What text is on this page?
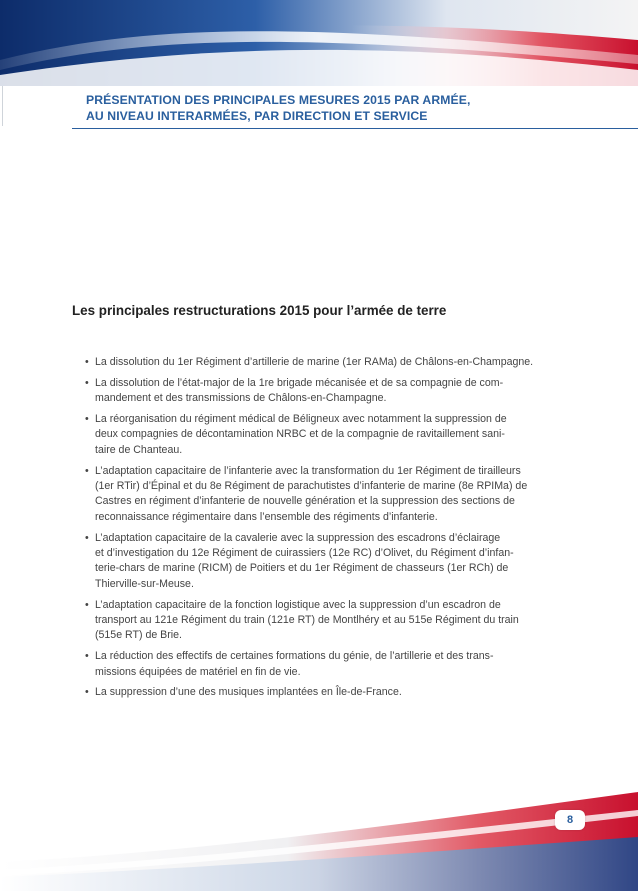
PRÉSENTATION DES PRINCIPALES MESURES 2015 PAR ARMÉE,
AU NIVEAU INTERARMÉES, PAR DIRECTION ET SERVICE
Les principales restructurations 2015 pour l’armée de terre
• La dissolution du 1er Régiment d’artillerie de marine (1er RAMa) de Châlons-en-Champagne.
• La dissolution de l’état-major de la 1re brigade mécanisée et de sa compagnie de com-
mandement et des transmissions de Châlons-en-Champagne.
• La réorganisation du régiment médical de Béligneux avec notamment la suppression de
deux compagnies de décontamination NRBC et de la compagnie de ravitaillement sani-
taire de Chanteau.
• L’adaptation capacitaire de l’infanterie avec la transformation du 1er Régiment de tirailleurs
(1er RTir) d’Épinal et du 8e Régiment de parachutistes d’infanterie de marine (8e RPIMa) de
Castres en régiment d’infanterie de nouvelle génération et la suppression des sections de
reconnaissance régimentaire dans l’ensemble des régiments d’infanterie.
• L’adaptation capacitaire de la cavalerie avec la suppression des escadrons d’éclairage
et d’investigation du 12e Régiment de cuirassiers (12e RC) d’Olivet, du Régiment d’infan-
terie-chars de marine (RICM) de Poitiers et du 1er Régiment de chasseurs (1er RCh) de
Thierville-sur-Meuse.
• L’adaptation capacitaire de la fonction logistique avec la suppression d’un escadron de
transport au 121e Régiment du train (121e RT) de Montlhéry et au 515e Régiment du train
(515e RT) de Brie.
• La réduction des effectifs de certaines formations du génie, de l’artillerie et des trans-
missions équipées de matériel en fin de vie.
• La suppression d’une des musiques implantées en Île-de-France.
8
